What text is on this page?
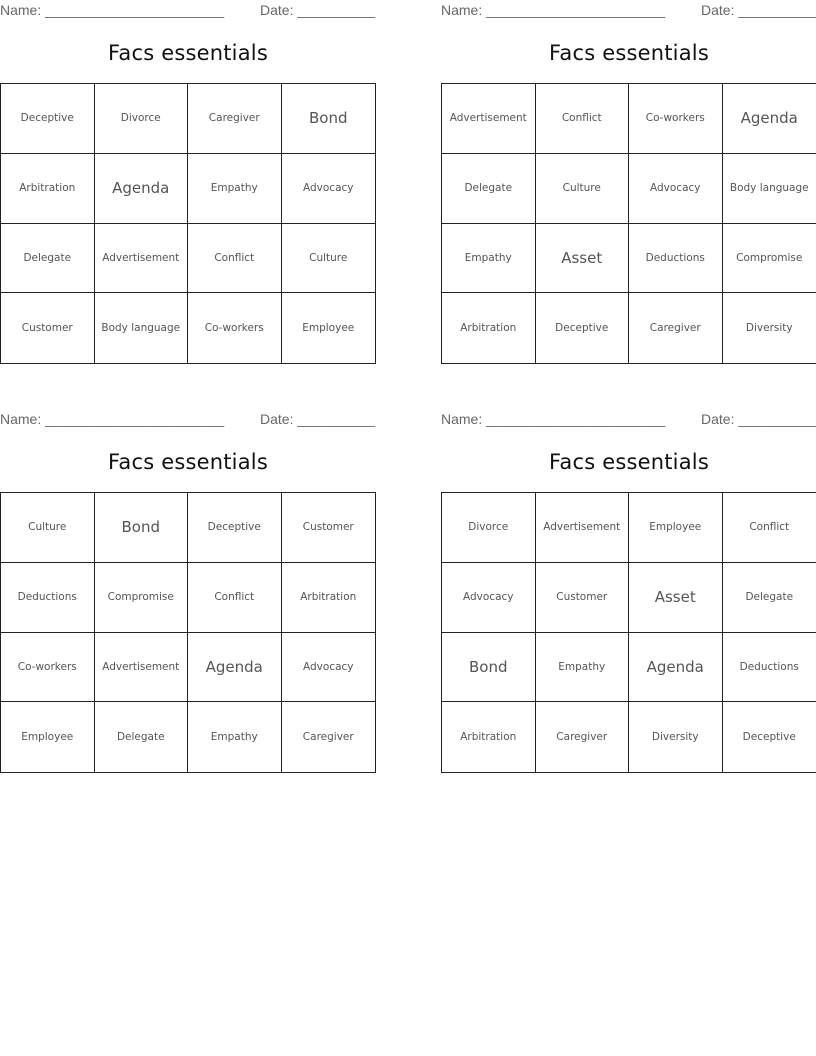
Name: _______________________	Date: __________
Facs essentials
Deceptive	Divorce	Caregiver	Bond
Arbitration	Agenda	Empathy	Advocacy
Delegate	Advertisement	Conflict	Culture
Customer	Body language	Co-workers	Employee
Name: _______________________	Date: __________
Facs essentials
Advertisement	Conflict	Co-workers	Agenda
Delegate	Culture	Advocacy	Body language
Empathy	Asset	Deductions	Compromise
Arbitration	Deceptive	Caregiver	Diversity
Name: _______________________	Date: __________
Facs essentials
Culture	Bond	Deceptive	Customer
Deductions	Compromise	Conflict	Arbitration
Co-workers	Advertisement	Agenda	Advocacy
Employee	Delegate	Empathy	Caregiver
Name: _______________________	Date: __________
Facs essentials
Divorce	Advertisement	Employee	Conflict
Advocacy	Customer	Asset	Delegate
Bond	Empathy	Agenda	Deductions
Arbitration	Caregiver	Diversity	Deceptive
